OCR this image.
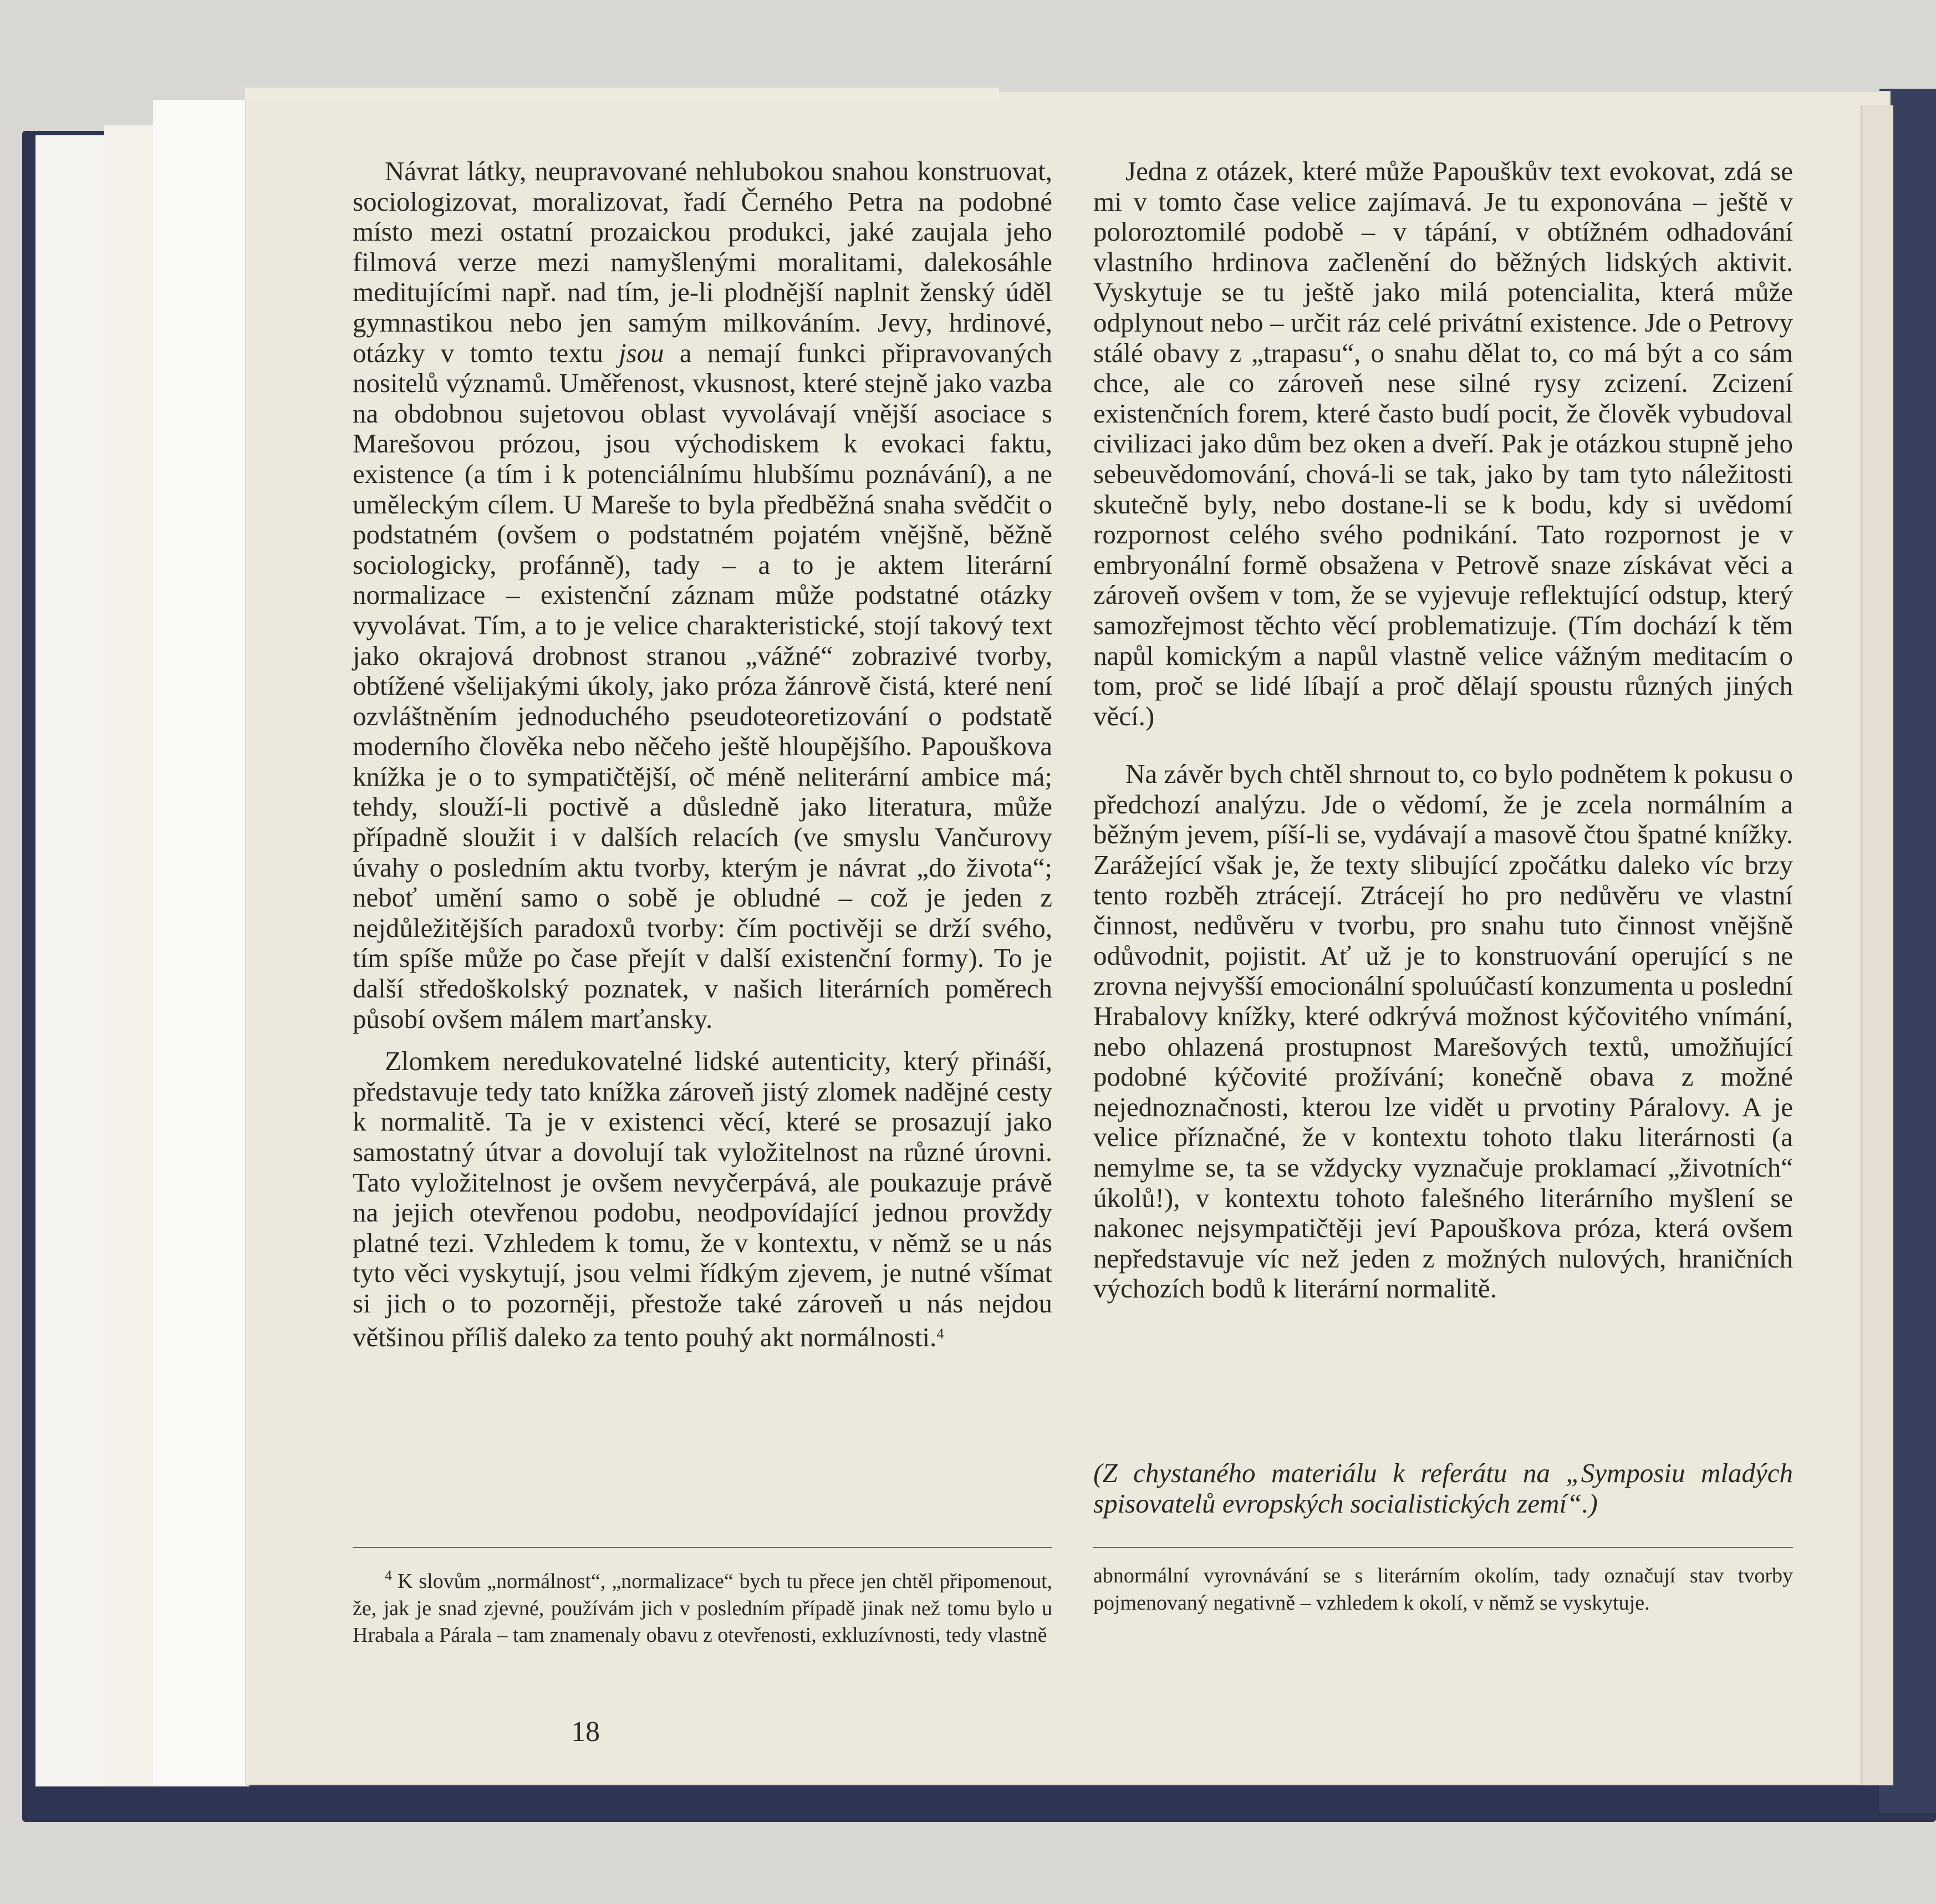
Návrat látky, neupravované nehlubokou snahou konstruovat, sociologizovat, moralizovat, řadí Černého Petra na podobné místo mezi ostatní prozaickou produkci, jaké zaujala jeho filmová verze mezi namyšlenými moralitami, dalekosáhle meditujícími např. nad tím, je-li plodnější naplnit ženský úděl gymnastikou nebo jen samým milkováním. Jevy, hrdinové, otázky v tomto textu jsou a nemají funkci připravovaných nositelů významů. Uměřenost, vkusnost, které stejně jako vazba na obdobnou sujetovou oblast vyvolávají vnější asociace s Marešovou prózou, jsou východiskem k evokaci faktu, existence (a tím i k potenciálnímu hlubšímu poznávání), a ne uměleckým cílem. U Mareše to byla předběžná snaha svědčit o podstatném (ovšem o podstatném pojatém vnějšně, běžně sociologicky, profánně), tady – a to je aktem literární normalizace – existenční záznam může podstatné otázky vyvolávat. Tím, a to je velice charakteristické, stojí takový text jako okrajová drobnost stranou „vážné“ zobrazivé tvorby, obtížené všelijakými úkoly, jako próza žánrově čistá, které není ozvláštněním jednoduchého pseudoteoretizování o podstatě moderního člověka nebo něčeho ještě hloupějšího. Papouškova knížka je o to sympatičtější, oč méně neliterární ambice má; tehdy, slouží-li poctivě a důsledně jako literatura, může případně sloužit i v dalších relacích (ve smyslu Vančurovy úvahy o posledním aktu tvorby, kterým je návrat „do života“; neboť umění samo o sobě je obludné – což je jeden z nejdůležitějších paradoxů tvorby: čím poctivěji se drží svého, tím spíše může po čase přejít v další existenční formy). To je další středoškolský poznatek, v našich literárních poměrech působí ovšem málem marťansky.

Zlomkem neredukovatelné lidské autenticity, který přináší, představuje tedy tato knížka zároveň jistý zlomek nadějné cesty k normalitě. Ta je v existenci věcí, které se prosazují jako samostatný útvar a dovolují tak vyložitelnost na různé úrovni. Tato vyložitelnost je ovšem nevyčerpává, ale poukazuje právě na jejich otevřenou podobu, neodpovídající jednou provždy platné tezi. Vzhledem k tomu, že v kontextu, v němž se u nás tyto věci vyskytují, jsou velmi řídkým zjevem, je nutné všímat si jich o to pozorněji, přestože také zároveň u nás nejdou většinou příliš daleko za tento pouhý akt normálnosti.$^4$

Jedna z otázek, které může Papouškův text evokovat, zdá se mi v tomto čase velice zajímavá. Je tu exponována – ještě v poloroztomilé podobě – v tápání, v obtížném odhadování vlastního hrdinova začlenění do běžných lidských aktivit. Vyskytuje se tu ještě jako milá potencialita, která může odplynout nebo – určit ráz celé privátní existence. Jde o Petrovy stálé obavy z „trapasu“, o snahu dělat to, co má být a co sám chce, ale co zároveň nese silné rysy zcizení. Zcizení existenčních forem, které často budí pocit, že člověk vybudoval civilizaci jako dům bez oken a dveří. Pak je otázkou stupně jeho sebeuvědomování, chová-li se tak, jako by tam tyto náležitosti skutečně byly, nebo dostane-li se k bodu, kdy si uvědomí rozpornost celého svého podnikání. Tato rozpornost je v embryonální formě obsažena v Petrově snaze získávat věci a zároveň ovšem v tom, že se vyjevuje reflektující odstup, který samozřejmost těchto věcí problematizuje. (Tím dochází k těm napůl komickým a napůl vlastně velice vážným meditacím o tom, proč se lidé líbají a proč dělají spoustu různých jiných věcí.)

Na závěr bych chtěl shrnout to, co bylo podnětem k pokusu o předchozí analýzu. Jde o vědomí, že je zcela normálním a běžným jevem, píší-li se, vydávají a masově čtou špatné knížky. Zarážející však je, že texty slibující zpočátku daleko víc brzy tento rozběh ztrácejí. Ztrácejí ho pro nedůvěru ve vlastní činnost, nedůvěru v tvorbu, pro snahu tuto činnost vnějšně odůvodnit, pojistit. Ať už je to konstruování operující s ne zrovna nejvyšší emocionální spoluúčastí konzumenta u poslední Hrabalovy knížky, které odkrývá možnost kýčovitého vnímání, nebo ohlazená prostupnost Marešových textů, umožňující podobné kýčovité prožívání; konečně obava z možné nejednoznačnosti, kterou lze vidět u prvotiny Páralovy. A je velice příznačné, že v kontextu tohoto tlaku literárnosti (a nemylme se, ta se vždycky vyznačuje proklamací „životních“ úkolů!), v kontextu tohoto falešného literárního myšlení se nakonec nejsympatičtěji jeví Papouškova próza, která ovšem nepředstavuje víc než jeden z možných nulových, hraničních výchozích bodů k literární normalitě.

(Z chystaného materiálu k referátu na „Symposiu mladých spisovatelů evropských socialistických zemí“.)

$^4$ K slovům „normálnost“, „normalizace“ bych tu přece jen chtěl připomenout, že, jak je snad zjevné, používám jich v posledním případě jinak než tomu bylo u Hrabala a Párala – tam znamenaly obavu z otevřenosti, exkluzívnosti, tedy vlastně

abnormální vyrovnávání se s literárním okolím, tady označují stav tvorby pojmenovaný negativně – vzhledem k okolí, v němž se vyskytuje.

18
